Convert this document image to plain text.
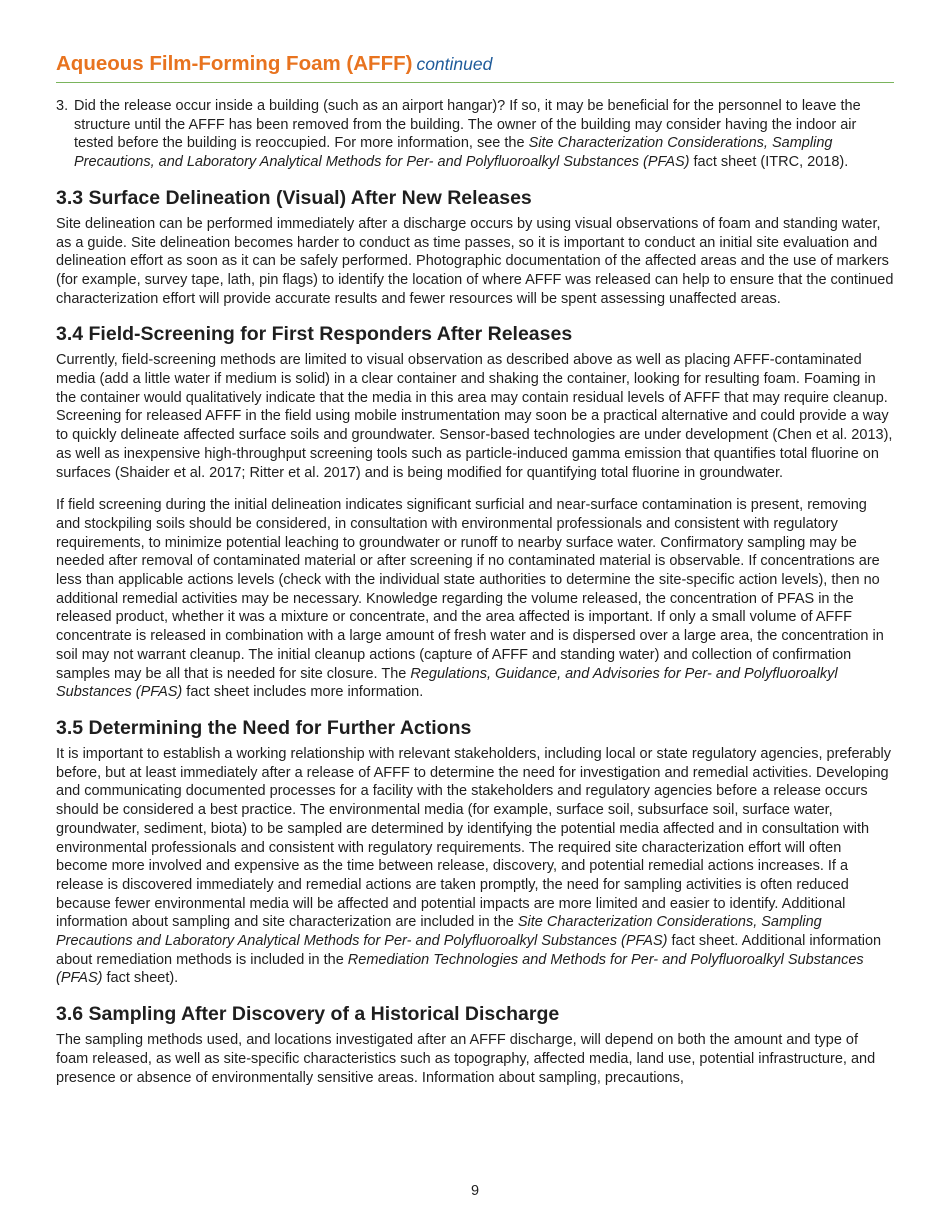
Aqueous Film-Forming Foam (AFFF) continued
3. Did the release occur inside a building (such as an airport hangar)? If so, it may be beneficial for the personnel to leave the structure until the AFFF has been removed from the building. The owner of the building may consider having the indoor air tested before the building is reoccupied. For more information, see the Site Characterization Considerations, Sampling Precautions, and Laboratory Analytical Methods for Per- and Polyfluoroalkyl Substances (PFAS) fact sheet (ITRC, 2018).
3.3 Surface Delineation (Visual) After New Releases

Site delineation can be performed immediately after a discharge occurs by using visual observations of foam and standing water, as a guide. Site delineation becomes harder to conduct as time passes, so it is important to conduct an initial site evaluation and delineation effort as soon as it can be safely performed. Photographic documentation of the affected areas and the use of markers (for example, survey tape, lath, pin flags) to identify the location of where AFFF was released can help to ensure that the continued characterization effort will provide accurate results and fewer resources will be spent assessing unaffected areas.

3.4 Field-Screening for First Responders After Releases

Currently, field-screening methods are limited to visual observation as described above as well as placing AFFF-contaminated media (add a little water if medium is solid) in a clear container and shaking the container, looking for resulting foam. Foaming in the container would qualitatively indicate that the media in this area may contain residual levels of AFFF that may require cleanup. Screening for released AFFF in the field using mobile instrumentation may soon be a practical alternative and could provide a way to quickly delineate affected surface soils and groundwater. Sensor-based technologies are under development (Chen et al. 2013), as well as inexpensive high-throughput screening tools such as particle-induced gamma emission that quantifies total fluorine on surfaces (Shaider et al. 2017; Ritter et al. 2017) and is being modified for quantifying total fluorine in groundwater.

If field screening during the initial delineation indicates significant surficial and near-surface contamination is present, removing and stockpiling soils should be considered, in consultation with environmental professionals and consistent with regulatory requirements, to minimize potential leaching to groundwater or runoff to nearby surface water. Confirmatory sampling may be needed after removal of contaminated material or after screening if no contaminated material is observable. If concentrations are less than applicable actions levels (check with the individual state authorities to determine the site-specific action levels), then no additional remedial activities may be necessary. Knowledge regarding the volume released, the concentration of PFAS in the released product, whether it was a mixture or concentrate, and the area affected is important. If only a small volume of AFFF concentrate is released in combination with a large amount of fresh water and is dispersed over a large area, the concentration in soil may not warrant cleanup. The initial cleanup actions (capture of AFFF and standing water) and collection of confirmation samples may be all that is needed for site closure. The Regulations, Guidance, and Advisories for Per- and Polyfluoroalkyl Substances (PFAS) fact sheet includes more information.

3.5 Determining the Need for Further Actions

It is important to establish a working relationship with relevant stakeholders, including local or state regulatory agencies, preferably before, but at least immediately after a release of AFFF to determine the need for investigation and remedial activities. Developing and communicating documented processes for a facility with the stakeholders and regulatory agencies before a release occurs should be considered a best practice. The environmental media (for example, surface soil, subsurface soil, surface water, groundwater, sediment, biota) to be sampled are determined by identifying the potential media affected and in consultation with environmental professionals and consistent with regulatory requirements. The required site characterization effort will often become more involved and expensive as the time between release, discovery, and potential remedial actions increases. If a release is discovered immediately and remedial actions are taken promptly, the need for sampling activities is often reduced because fewer environmental media will be affected and potential impacts are more limited and easier to identify. Additional information about sampling and site characterization are included in the Site Characterization Considerations, Sampling Precautions and Laboratory Analytical Methods for Per- and Polyfluoroalkyl Substances (PFAS) fact sheet. Additional information about remediation methods is included in the Remediation Technologies and Methods for Per- and Polyfluoroalkyl Substances (PFAS) fact sheet).

3.6 Sampling After Discovery of a Historical Discharge

The sampling methods used, and locations investigated after an AFFF discharge, will depend on both the amount and type of foam released, as well as site-specific characteristics such as topography, affected media, land use, potential infrastructure, and presence or absence of environmentally sensitive areas. Information about sampling, precautions,

9
